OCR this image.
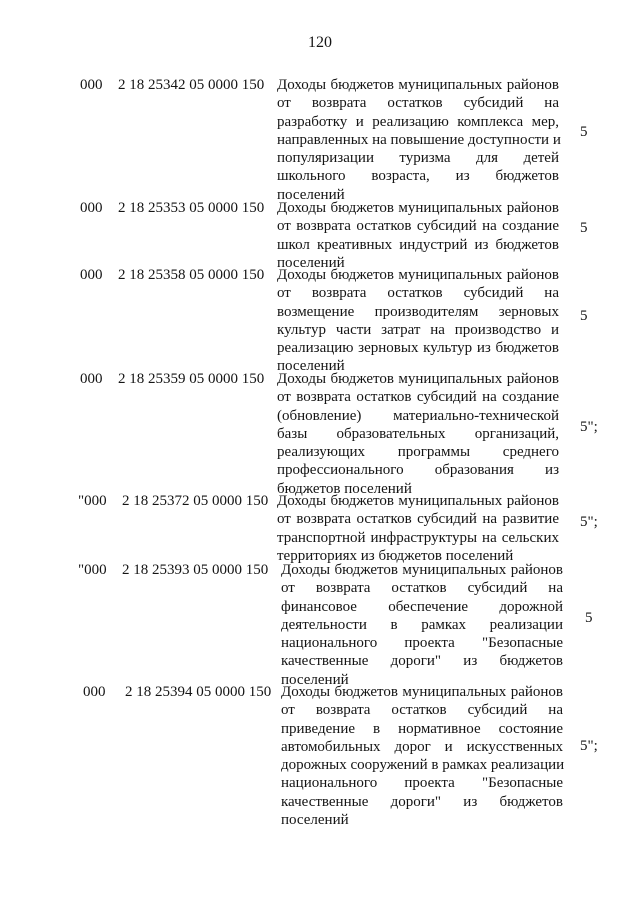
120
000 2 18 25342 05 0000 150 Доходы бюджетов муниципальных районов
от возврата остатков субсидий на
разработку и реализацию комплекса мер,
направленных на повышение доступности и
популяризации туризма для детей
школьного возраста, из бюджетов
поселений
5
000 2 18 25353 05 0000 150 Доходы бюджетов муниципальных районов
от возврата остатков субсидий на создание
школ креативных индустрий из бюджетов
поселений
5
000 2 18 25358 05 0000 150 Доходы бюджетов муниципальных районов
от возврата остатков субсидий на
возмещение производителям зерновых
культур части затрат на производство и
реализацию зерновых культур из бюджетов
поселений
5
000 2 18 25359 05 0000 150 Доходы бюджетов муниципальных районов
от возврата остатков субсидий на создание
(обновление) материально-технической
базы образовательных организаций,
реализующих программы среднего
профессионального образования из
бюджетов поселений
5";
"000 2 18 25372 05 0000 150 Доходы бюджетов муниципальных районов
от возврата остатков субсидий на развитие
транспортной инфраструктуры на сельских
территориях из бюджетов поселений
5";
"000 2 18 25393 05 0000 150 Доходы бюджетов муниципальных районов
от возврата остатков субсидий на
финансовое обеспечение дорожной
деятельности в рамках реализации
национального проекта "Безопасные
качественные дороги" из бюджетов
поселений
5
000 2 18 25394 05 0000 150 Доходы бюджетов муниципальных районов
от возврата остатков субсидий на
приведение в нормативное состояние
автомобильных дорог и искусственных
дорожных сооружений в рамках реализации
национального проекта "Безопасные
качественные дороги" из бюджетов
поселений
5";
